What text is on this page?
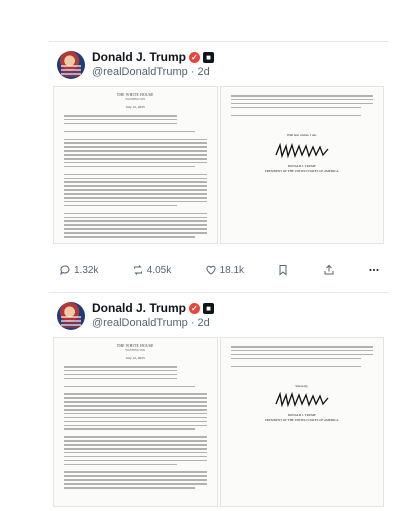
Donald J. Trump ✓	■
@realDonaldTrump · 2d
THE WHITE HOUSE
WASHINGTON
July 12, 2025
With best wishes, I am,
DONALD J. TRUMP
PRESIDENT OF THE UNITED STATES OF AMERICA
1.32k	4.05k	18.1k
Donald J. Trump ✓	■
@realDonaldTrump · 2d
THE WHITE HOUSE
WASHINGTON
July 12, 2025
Sincerely,
DONALD J. TRUMP
PRESIDENT OF THE UNITED STATES OF AMERICA
